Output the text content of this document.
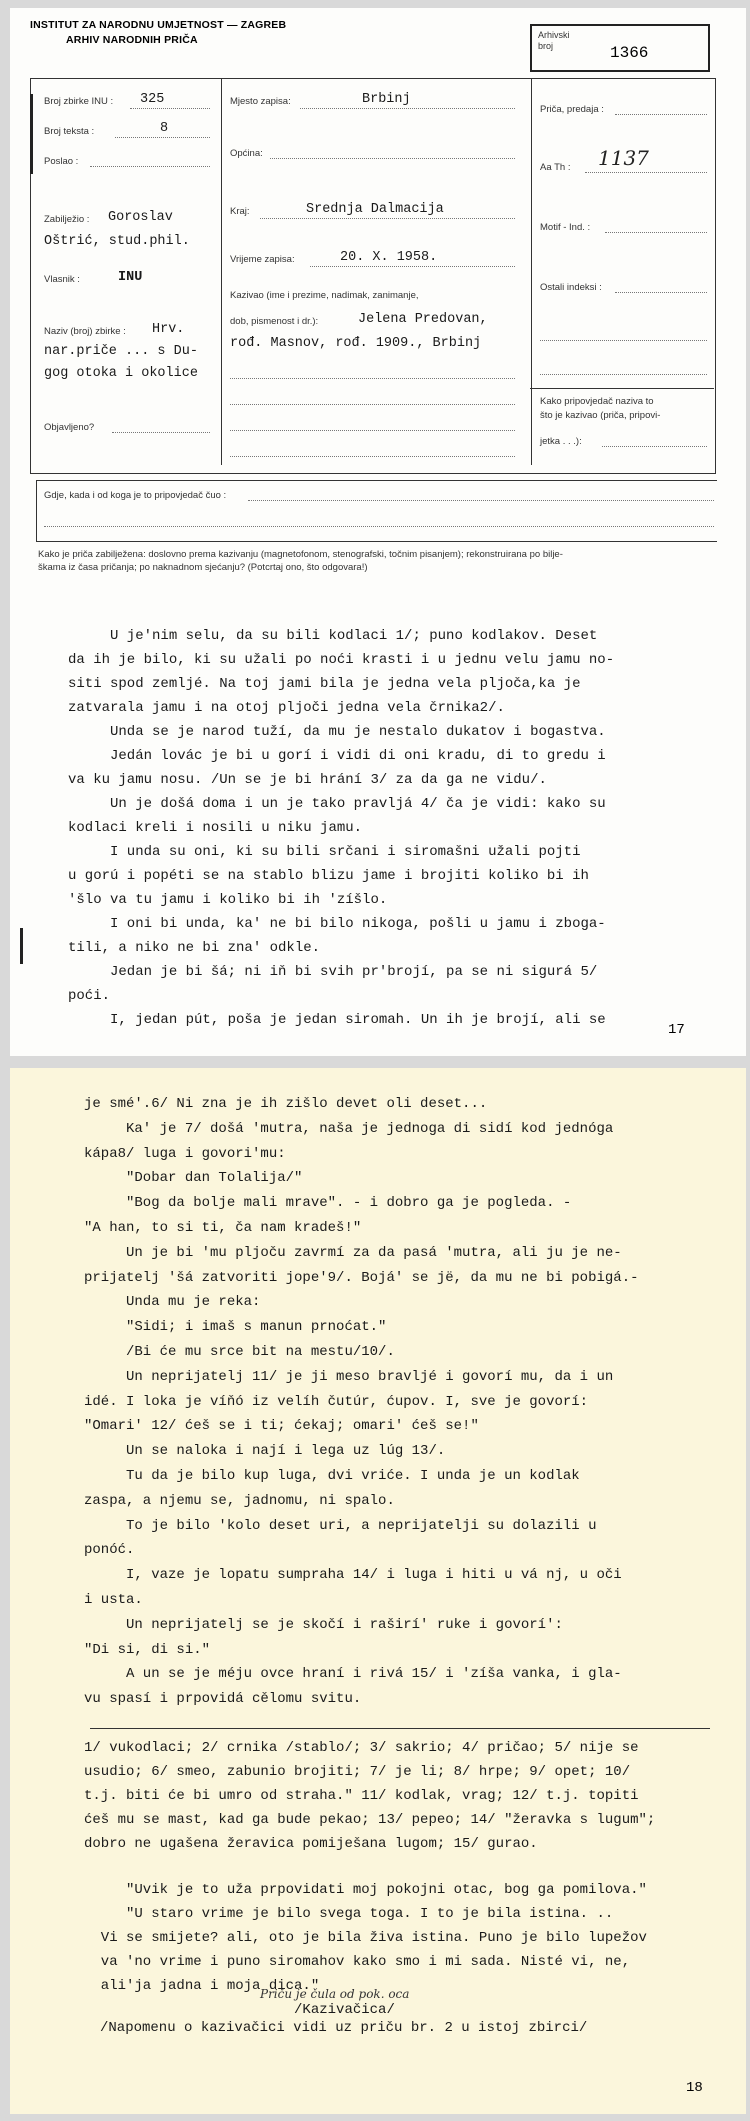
INSTITUT ZA NARODNU UMJETNOST — ZAGREB
ARHIV NARODNIH PRIČA	Arhivski
broj	1366
Broj zbirke INU : 325
Broj teksta :	8
Poslao :
Zabilježio : Goroslav
Oštrić, stud.phil.
Vlasnik :	INU
Naziv (broj) zbirke : Hrv.
nar.priče ... s Du-
gog otoka i okolice
Objavljeno?
Mjesto zapisa:	Brbinj
Općina:
Kraj:	Srednja Dalmacija
Vrijeme zapisa:	20. X. 1958.
Kazivao (ime i prezime, nadimak, zanimanje,
dob, pismenost i dr.):	Jelena Predovan,
rođ. Masnov, rođ. 1909., Brbinj
Priča, predaja :
Aa Th : 1137
Motif - Ind. :
Ostali indeksi :
Kako pripovjedač naziva to
što je kazivao (priča, pripovi-
jetka . . .):
Gdje, kada i od koga je to pripovjedač čuo :
Kako je priča zabilježena: doslovno prema kazivanju (magnetofonom, stenografski, točnim pisanjem); rekonstruirana po bilje-
škama iz časa pričanja; po naknadnom sjećanju? (Potcrtaj ono, što odgovara!)
U je'nim selu, da su bili kodlaci 1/; puno kodlakov. Deset
da ih je bilo, ki su užali po noći krasti i u jednu velu jamu no-
siti spod zemljé. Na toj jami bila je jedna vela pljoča,ka je
zatvarala jamu i na otoj pljoči jedna vela črnika2/.
Unda se je narod tuží, da mu je nestalo dukatov i bogastva.
Jedán lovác je bi u gorí i vidi di oni kradu, di to gredu i
va ku jamu nosu. /Un se je bi hrání 3/ za da ga ne vidu/.
Un je došá doma i un je tako pravljá 4/ ča je vidi: kako su
kodlaci kreli i nosili u niku jamu.
I unda su oni, ki su bili srčani i siromašni užali pojti
u gorú i popéti se na stablo blizu jame i brojiti koliko bi ih
'šlo va tu jamu i koliko bi ih 'zíšlo.
I oni bi unda, ka' ne bi bilo nikoga, pošli u jamu i zboga-
tili, a niko ne bi zna' odkle.
Jedan je bi šá; ni iň bi svih pr'brojí, pa se ni sigurá 5/
poći.
I, jedan pút, poša je jedan siromah. Un ih je brojí, ali se
17
je smé'.6/ Ni zna je ih zišlo devet oli deset...
Ka' je 7/ došá 'mutra, naša je jednoga di sidí kod jednóga
kápa8/ luga i govori'mu:
"Dobar dan Tolalija/"
"Bog da bolje mali mrave". - i dobro ga je pogleda. -
"A han, to si ti, ča nam kradeš!"
Un je bi 'mu pljoču zavrmí za da pasá 'mutra, ali ju je ne-
prijatelj 'šá zatvoriti jope'9/. Bojá' se jë, da mu ne bi pobigá.-
Unda mu je reka:
"Sidi; i imaš s manun prnoćat."
/Bi će mu srce bit na mestu/10/.
Un neprijatelj 11/ je ji meso bravljé i govorí mu, da i un
idé. I loka je víňó iz velíh čutúr, ćupov. I, sve je govorí:
"Omari' 12/ ćeš se i ti; ćekaj; omari' ćeš se!"
Un se naloka i nají i lega uz lúg 13/.
Tu da je bilo kup luga, dvi vriće. I unda je un kodlak
zaspa, a njemu se, jadnomu, ni spalo.
To je bilo 'kolo deset uri, a neprijatelji su dolazili u
ponóć.
I, vaze je lopatu sumpraha 14/ i luga i hiti u vá nj, u oči
i usta.
Un neprijatelj se je skočí i raširí' ruke i govorí':
"Di si, di si."
A un se je méju ovce hraní i rivá 15/ i 'zíša vanka, i gla-
vu spasí i prpovidá cělomu svitu.
1/ vukodlaci; 2/ crnika /stablo/; 3/ sakrio; 4/ pričao; 5/ nije se
usudio; 6/ smeo, zabunio brojiti; 7/ je li; 8/ hrpe; 9/ opet; 10/
t.j. biti će bi umro od straha." 11/ kodlak, vrag; 12/ t.j. topiti
ćeš mu se mast, kad ga bude pekao; 13/ pepeo; 14/ "žeravka s lugum";
dobro ne ugašena žeravica pomiješana lugom; 15/ gurao.
"Uvik je to uža prpovidati moj pokojni otac, bog ga pomilova."
"U staro vrime je bilo svega toga. I to je bila istina. ..
Vi se smijete? ali, oto je bila živa istina. Puno je bilo lupežov
va 'no vrime i puno siromahov kako smo i mi sada. Nisté vi, ne,
ali'ja jadna i moja dica."
/Kazivačica/
Priču je čula od pok. oca
/Napomenu o kazivačici vidi uz priču br. 2 u istoj zbirci/
18
